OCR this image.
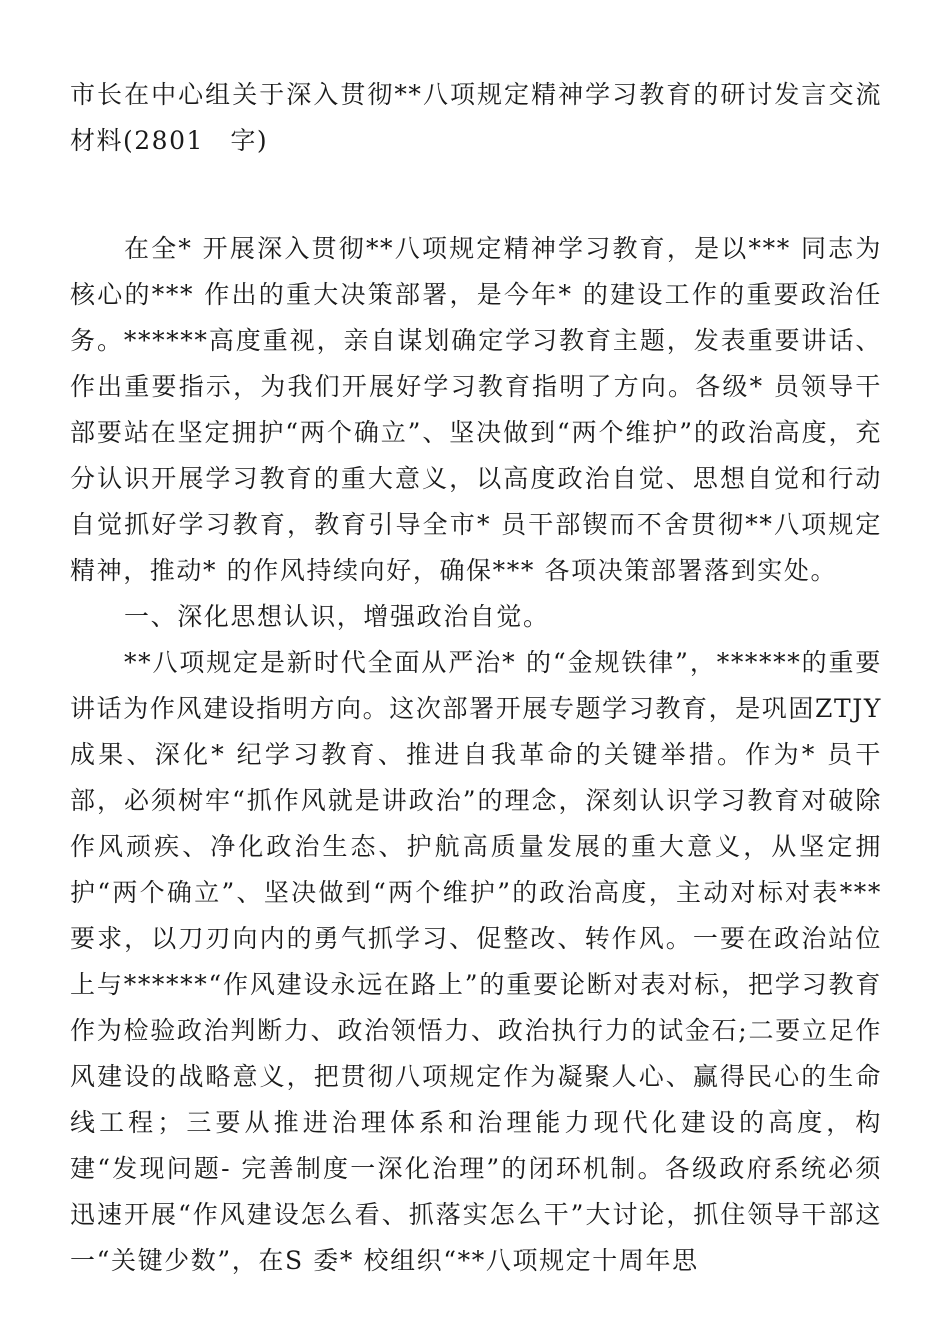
市长在中心组关于深入贯彻**八项规定精神学习教育的研讨发言交流材料(2801　字)

在全* 开展深入贯彻**八项规定精神学习教育，是以*** 同志为核心的*** 作出的重大决策部署，是今年* 的建设工作的重要政治任务。******高度重视，亲自谋划确定学习教育主题，发表重要讲话、作出重要指示，为我们开展好学习教育指明了方向。各级* 员领导干部要站在坚定拥护“两个确立”、坚决做到“两个维护”的政治高度，充分认识开展学习教育的重大意义，以高度政治自觉、思想自觉和行动自觉抓好学习教育，教育引导全市* 员干部锲而不舍贯彻**八项规定精神，推动* 的作风持续向好，确保*** 各项决策部署落到实处。

一、深化思想认识，增强政治自觉。

**八项规定是新时代全面从严治* 的“金规铁律”，******的重要讲话为作风建设指明方向。这次部署开展专题学习教育，是巩固ZTJY　成果、深化* 纪学习教育、推进自我革命的关键举措。作为* 员干部，必须树牢“抓作风就是讲政治”的理念，深刻认识学习教育对破除作风顽疾、净化政治生态、护航高质量发展的重大意义，从坚定拥护“两个确立”、坚决做到“两个维护”的政治高度，主动对标对表*** 要求，以刀刃向内的勇气抓学习、促整改、转作风。一要在政治站位上与******“作风建设永远在路上”的重要论断对表对标，把学习教育作为检验政治判断力、政治领悟力、政治执行力的试金石;二要立足作风建设的战略意义，把贯彻八项规定作为凝聚人心、赢得民心的生命线工程；三要从推进治理体系和治理能力现代化建设的高度，构建“发现问题- 完善制度一深化治理”的闭环机制。各级政府系统必须迅速开展“作风建设怎么看、抓落实怎么干”大讨论，抓住领导干部这一“关键少数”，在S 委* 校组织“**八项规定十周年思
